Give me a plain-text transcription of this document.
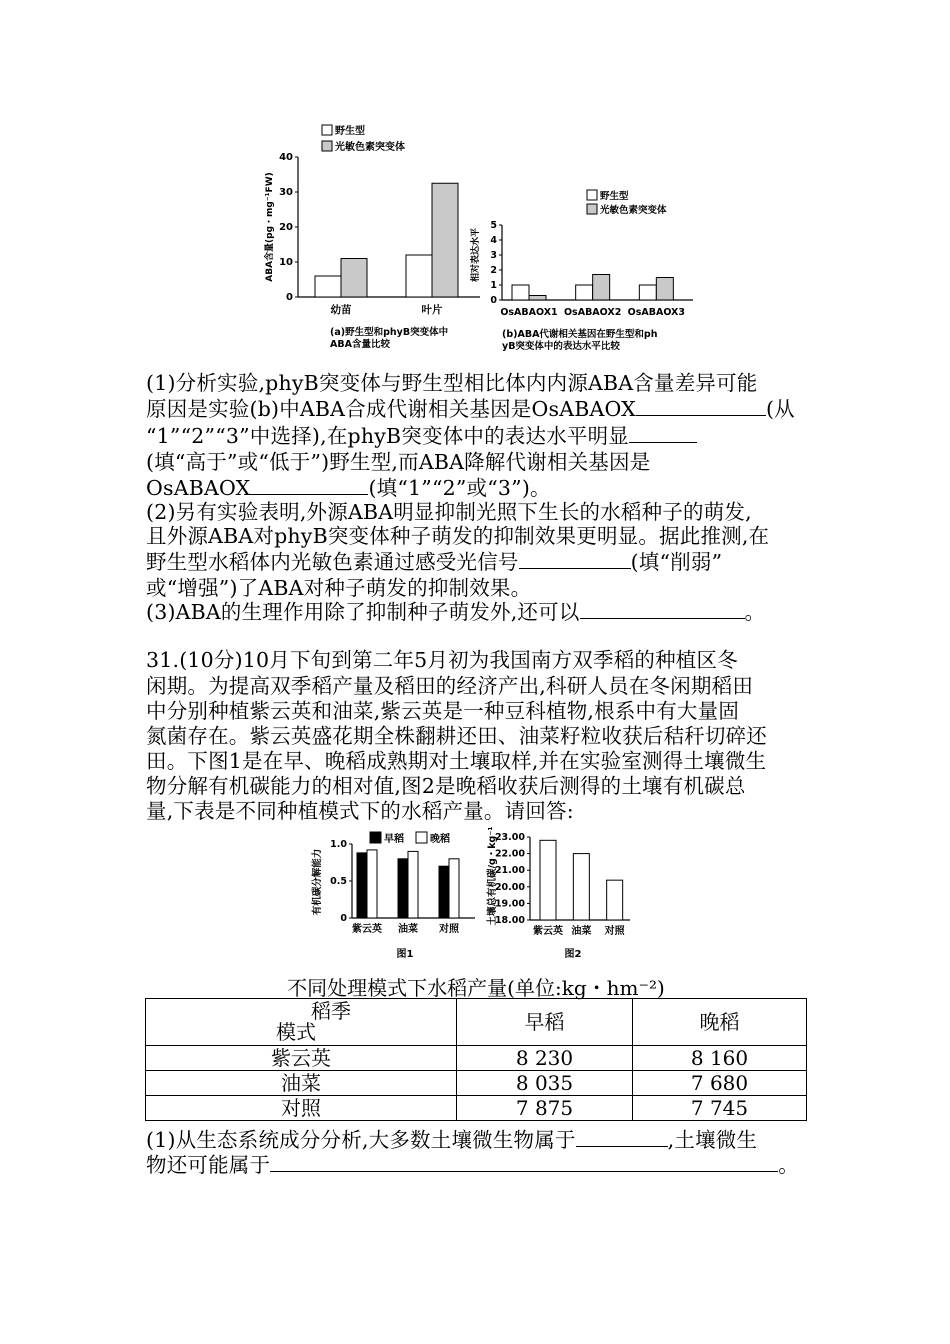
0
10
20
30
40
ABA含量(pg・mg⁻¹FW)
幼苗	叶片
野生型
光敏色素突变体
(a)野生型和phyB突变体中
ABA含量比较
0
1
2
3
4
5
相对表达水平
OsABAOX1 OsABAOX2 OsABAOX3
野生型
光敏色素突变体
(b)ABA代谢相关基因在野生型和ph
yB突变体中的表达水平比较
(1)分析实验,phyB突变体与野生型相比体内内源ABA含量差异可能
原因是实验(b)中ABA合成代谢相关基因是OsABAOX	(从
“1”“2”“3”中选择),在phyB突变体中的表达水平明显
(填“高于”或“低于”)野生型,而ABA降解代谢相关基因是
OsABAOX	(填“1”“2”或“3”)。
(2)另有实验表明,外源ABA明显抑制光照下生长的水稻种子的萌发,
且外源ABA对phyB突变体种子萌发的抑制效果更明显。据此推测,在
野生型水稻体内光敏色素通过感受光信号	(填“削弱”
或“增强”)了ABA对种子萌发的抑制效果。
(3)ABA的生理作用除了抑制种子萌发外,还可以	。
31.(10分)10月下旬到第二年5月初为我国南方双季稻的种植区冬
闲期。为提高双季稻产量及稻田的经济产出,科研人员在冬闲期稻田
中分别种植紫云英和油菜,紫云英是一种豆科植物,根系中有大量固
氮菌存在。紫云英盛花期全株翻耕还田、油菜籽粒收获后秸秆切碎还
田。下图1是在早、晚稻成熟期对土壤取样,并在实验室测得土壤微生
物分解有机碳能力的相对值,图2是晚稻收获后测得的土壤有机碳总
量,下表是不同种植模式下的水稻产量。请回答:
0
0.5
1.0
有机碳分解能力
紫云英 油菜 对照
早稻	晚稻
图1
18.00
19.00
20.00
21.00
22.00
23.00
土壤总有机碳/g・kg⁻¹
紫云英 油菜 对照
图2
不同处理模式下水稻产量(单位:kg・hm⁻²)
稻季
模式	早稻	晚稻
紫云英	8 230	8 160
油菜	8 035	7 680
对照	7 875	7 745
(1)从生态系统成分分析,大多数土壤微生物属于	,土壤微生
物还可能属于	。
